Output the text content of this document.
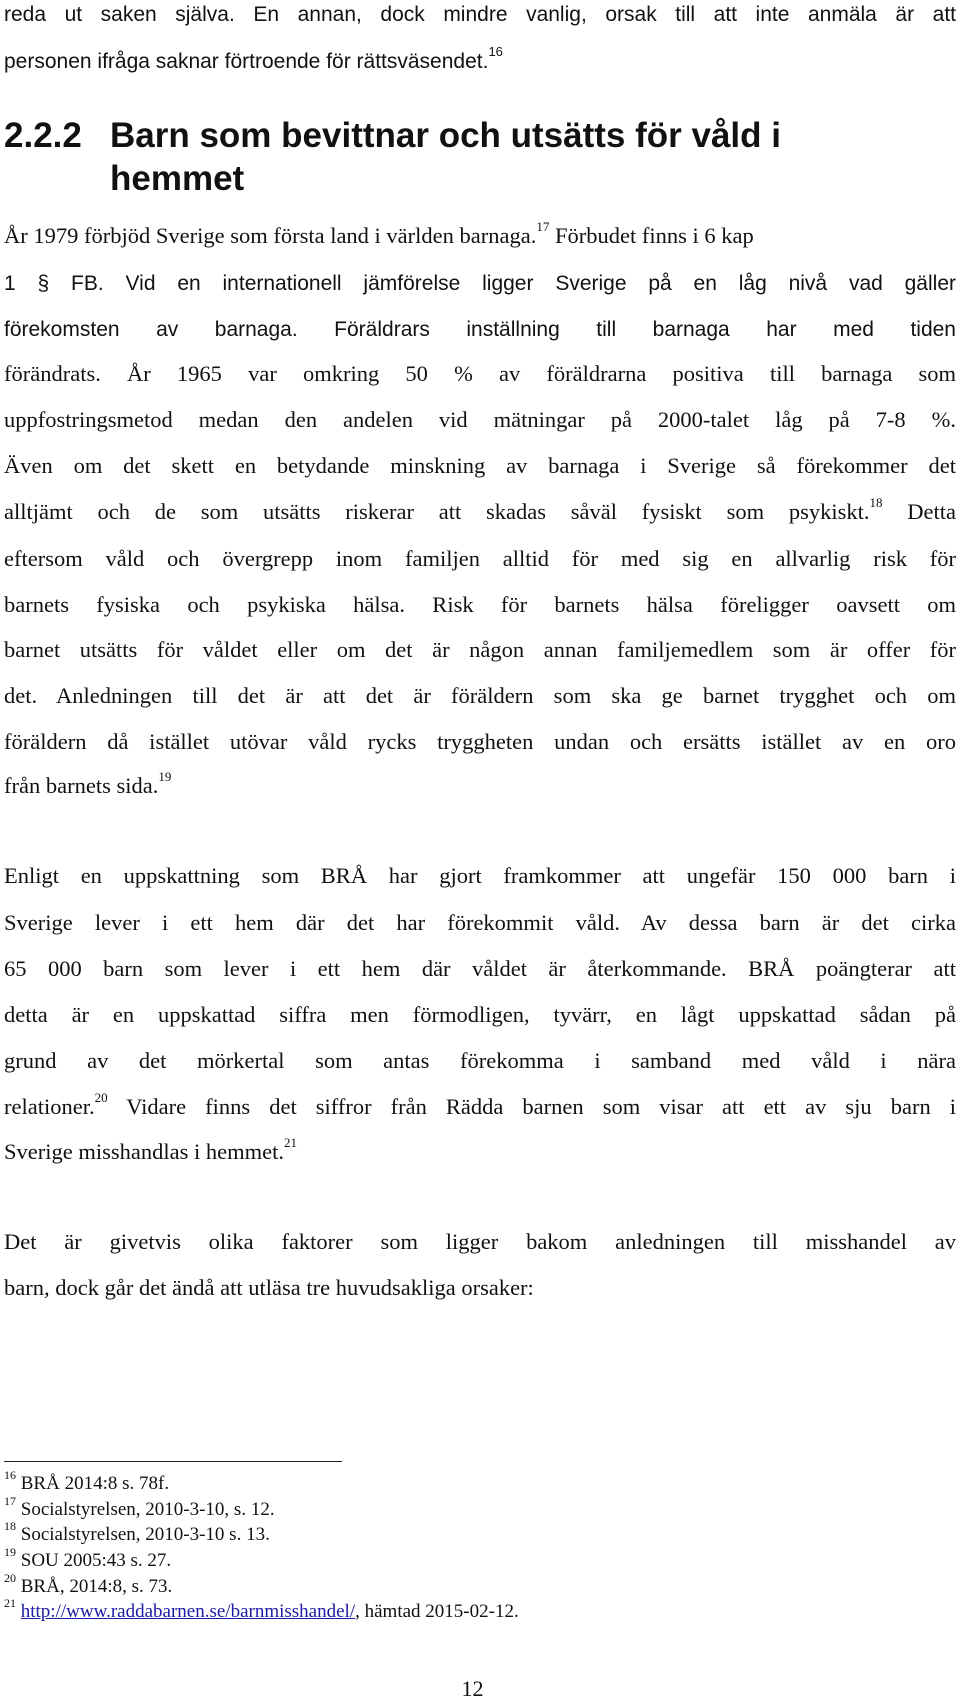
reda ut saken själva. En annan, dock mindre vanlig, orsak till att inte anmäla är att
personen ifråga saknar förtroende för rättsväsendet.$^{16}$
2.2.2 Barn som bevittnar och utsätts för våld i
hemmet
År 1979 förbjöd Sverige som första land i världen barnaga.$^{17}$ Förbudet finns i 6 kap
1 § FB. Vid en internationell jämförelse ligger Sverige på en låg nivå vad gäller
förekomsten av barnaga. Föräldrars inställning till barnaga har med tiden
förändrats. År 1965 var omkring 50 % av föräldrarna positiva till barnaga som
uppfostringsmetod medan den andelen vid mätningar på 2000-talet låg på 7-8 %.
Även om det skett en betydande minskning av barnaga i Sverige så förekommer det
alltjämt och de som utsätts riskerar att skadas såväl fysiskt som psykiskt.$^{18}$ Detta
eftersom våld och övergrepp inom familjen alltid för med sig en allvarlig risk för
barnets fysiska och psykiska hälsa. Risk för barnets hälsa föreligger oavsett om
barnet utsätts för våldet eller om det är någon annan familjemedlem som är offer för
det. Anledningen till det är att det är föräldern som ska ge barnet trygghet och om
föräldern då istället utövar våld rycks tryggheten undan och ersätts istället av en oro
från barnets sida.$^{19}$
Enligt en uppskattning som BRÅ har gjort framkommer att ungefär 150 000 barn i
Sverige lever i ett hem där det har förekommit våld. Av dessa barn är det cirka
65 000 barn som lever i ett hem där våldet är återkommande. BRÅ poängterar att
detta är en uppskattad siffra men förmodligen, tyvärr, en lågt uppskattad sådan på
grund av det mörkertal som antas förekomma i samband med våld i nära
relationer.$^{20}$ Vidare finns det siffror från Rädda barnen som visar att ett av sju barn i
Sverige misshandlas i hemmet.$^{21}$
Det är givetvis olika faktorer som ligger bakom anledningen till misshandel av
barn, dock går det ändå att utläsa tre huvudsakliga orsaker:
$^{16}$ BRÅ 2014:8 s. 78f.
$^{17}$ Socialstyrelsen, 2010-3-10, s. 12.
$^{18}$ Socialstyrelsen, 2010-3-10 s. 13.
$^{19}$ SOU 2005:43 s. 27.
$^{20}$ BRÅ, 2014:8, s. 73.
$^{21}$ http://www.raddabarnen.se/barnmisshandel/, hämtad 2015-02-12.
12
